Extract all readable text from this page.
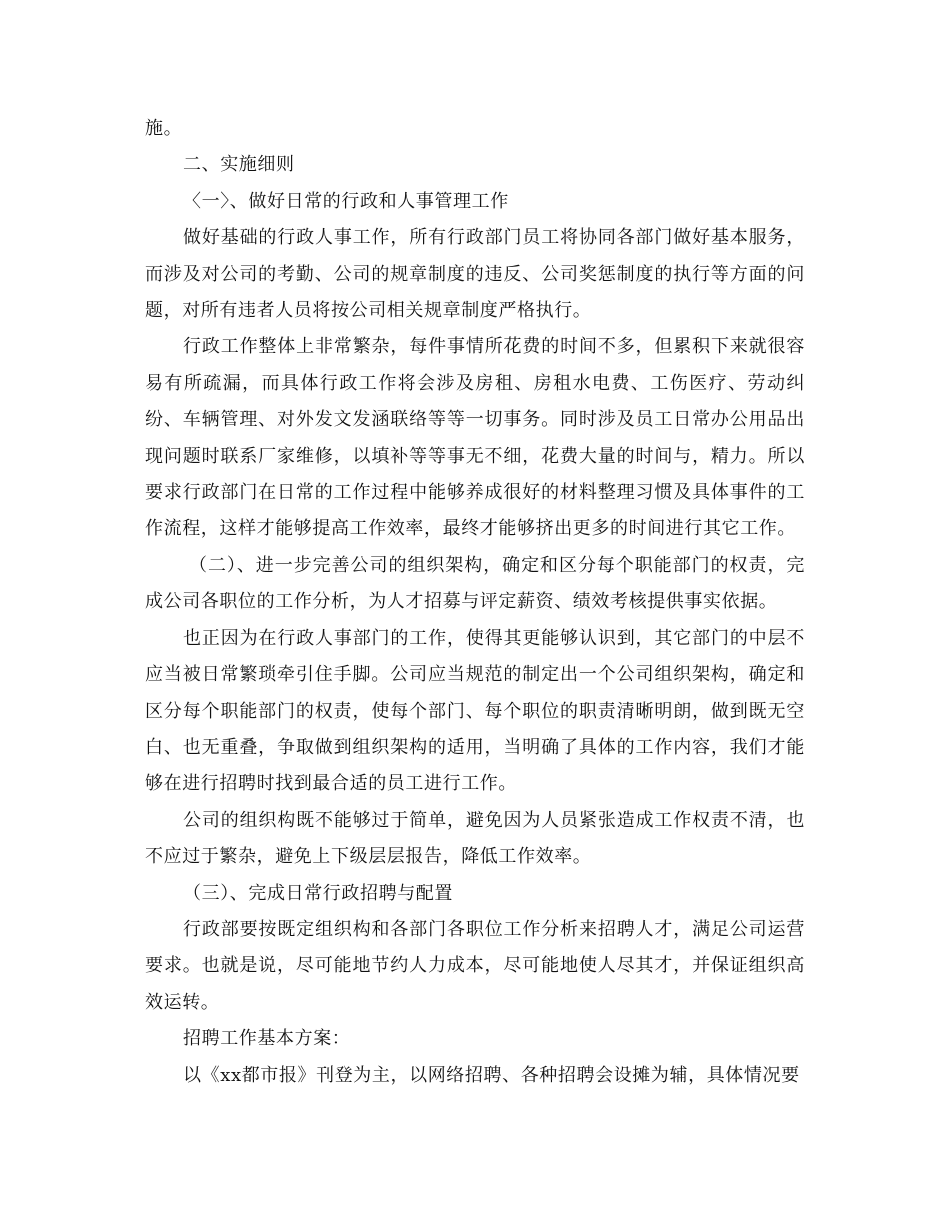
施。

二、实施细则

〈一〉、做好日常的行政和人事管理工作

做好基础的行政人事工作，所有行政部门员工将协同各部门做好基本服务，而涉及对公司的考勤、公司的规章制度的违反、公司奖惩制度的执行等方面的问题，对所有违者人员将按公司相关规章制度严格执行。

行政工作整体上非常繁杂，每件事情所花费的时间不多，但累积下来就很容易有所疏漏，而具体行政工作将会涉及房租、房租水电费、工伤医疗、劳动纠纷、车辆管理、对外发文发涵联络等等一切事务。同时涉及员工日常办公用品出现问题时联系厂家维修，以填补等等事无不细，花费大量的时间与，精力。所以要求行政部门在日常的工作过程中能够养成很好的材料整理习惯及具体事件的工作流程，这样才能够提高工作效率，最终才能够挤出更多的时间进行其它工作。

（二）、进一步完善公司的组织架构，确定和区分每个职能部门的权责，完成公司各职位的工作分析，为人才招募与评定薪资、绩效考核提供事实依据。

也正因为在行政人事部门的工作，使得其更能够认识到，其它部门的中层不应当被日常繁琐牵引住手脚。公司应当规范的制定出一个公司组织架构，确定和区分每个职能部门的权责，使每个部门、每个职位的职责清晰明朗，做到既无空白、也无重叠，争取做到组织架构的适用，当明确了具体的工作内容，我们才能够在进行招聘时找到最合适的员工进行工作。

公司的组织构既不能够过于简单，避免因为人员紧张造成工作权责不清，也不应过于繁杂，避免上下级层层报告，降低工作效率。

（三）、完成日常行政招聘与配置

行政部要按既定组织构和各部门各职位工作分析来招聘人才，满足公司运营要求。也就是说，尽可能地节约人力成本，尽可能地使人尽其才，并保证组织高效运转。

招聘工作基本方案：

以《xx都市报》刊登为主，以网络招聘、各种招聘会设摊为辅，具体情况要
